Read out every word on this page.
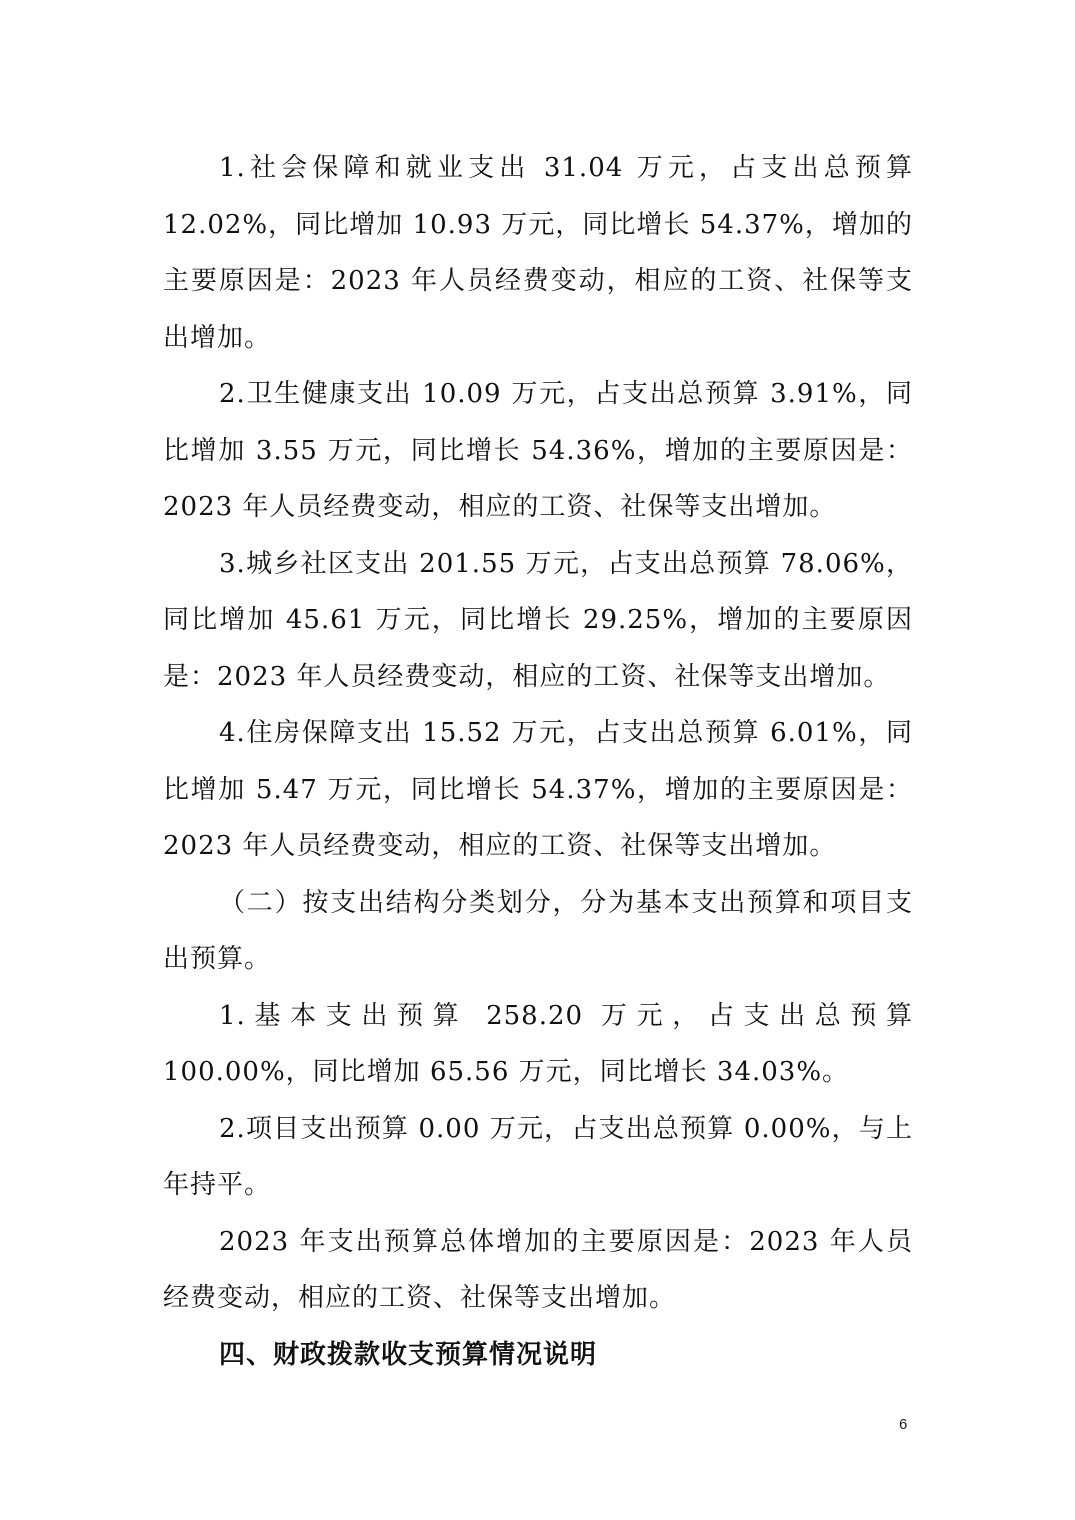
1.社会保障和就业支出 31.04 万元，占支出总预算12.02%，同比增加 10.93 万元，同比增长 54.37%，增加的主要原因是：2023 年人员经费变动，相应的工资、社保等支出增加。

2.卫生健康支出 10.09 万元，占支出总预算 3.91%，同比增加 3.55 万元，同比增长 54.36%，增加的主要原因是：2023 年人员经费变动，相应的工资、社保等支出增加。

3.城乡社区支出 201.55 万元，占支出总预算 78.06%，同比增加 45.61 万元，同比增长 29.25%，增加的主要原因是：2023 年人员经费变动，相应的工资、社保等支出增加。

4.住房保障支出 15.52 万元，占支出总预算 6.01%，同比增加 5.47 万元，同比增长 54.37%，增加的主要原因是：2023 年人员经费变动，相应的工资、社保等支出增加。

（二）按支出结构分类划分，分为基本支出预算和项目支出预算。

1.基本支出预算 258.20 万元，占支出总预算 100.00%，同比增加 65.56 万元，同比增长 34.03%。

2.项目支出预算 0.00 万元，占支出总预算 0.00%，与上年持平。

2023 年支出预算总体增加的主要原因是：2023 年人员经费变动，相应的工资、社保等支出增加。

四、财政拨款收支预算情况说明

6
